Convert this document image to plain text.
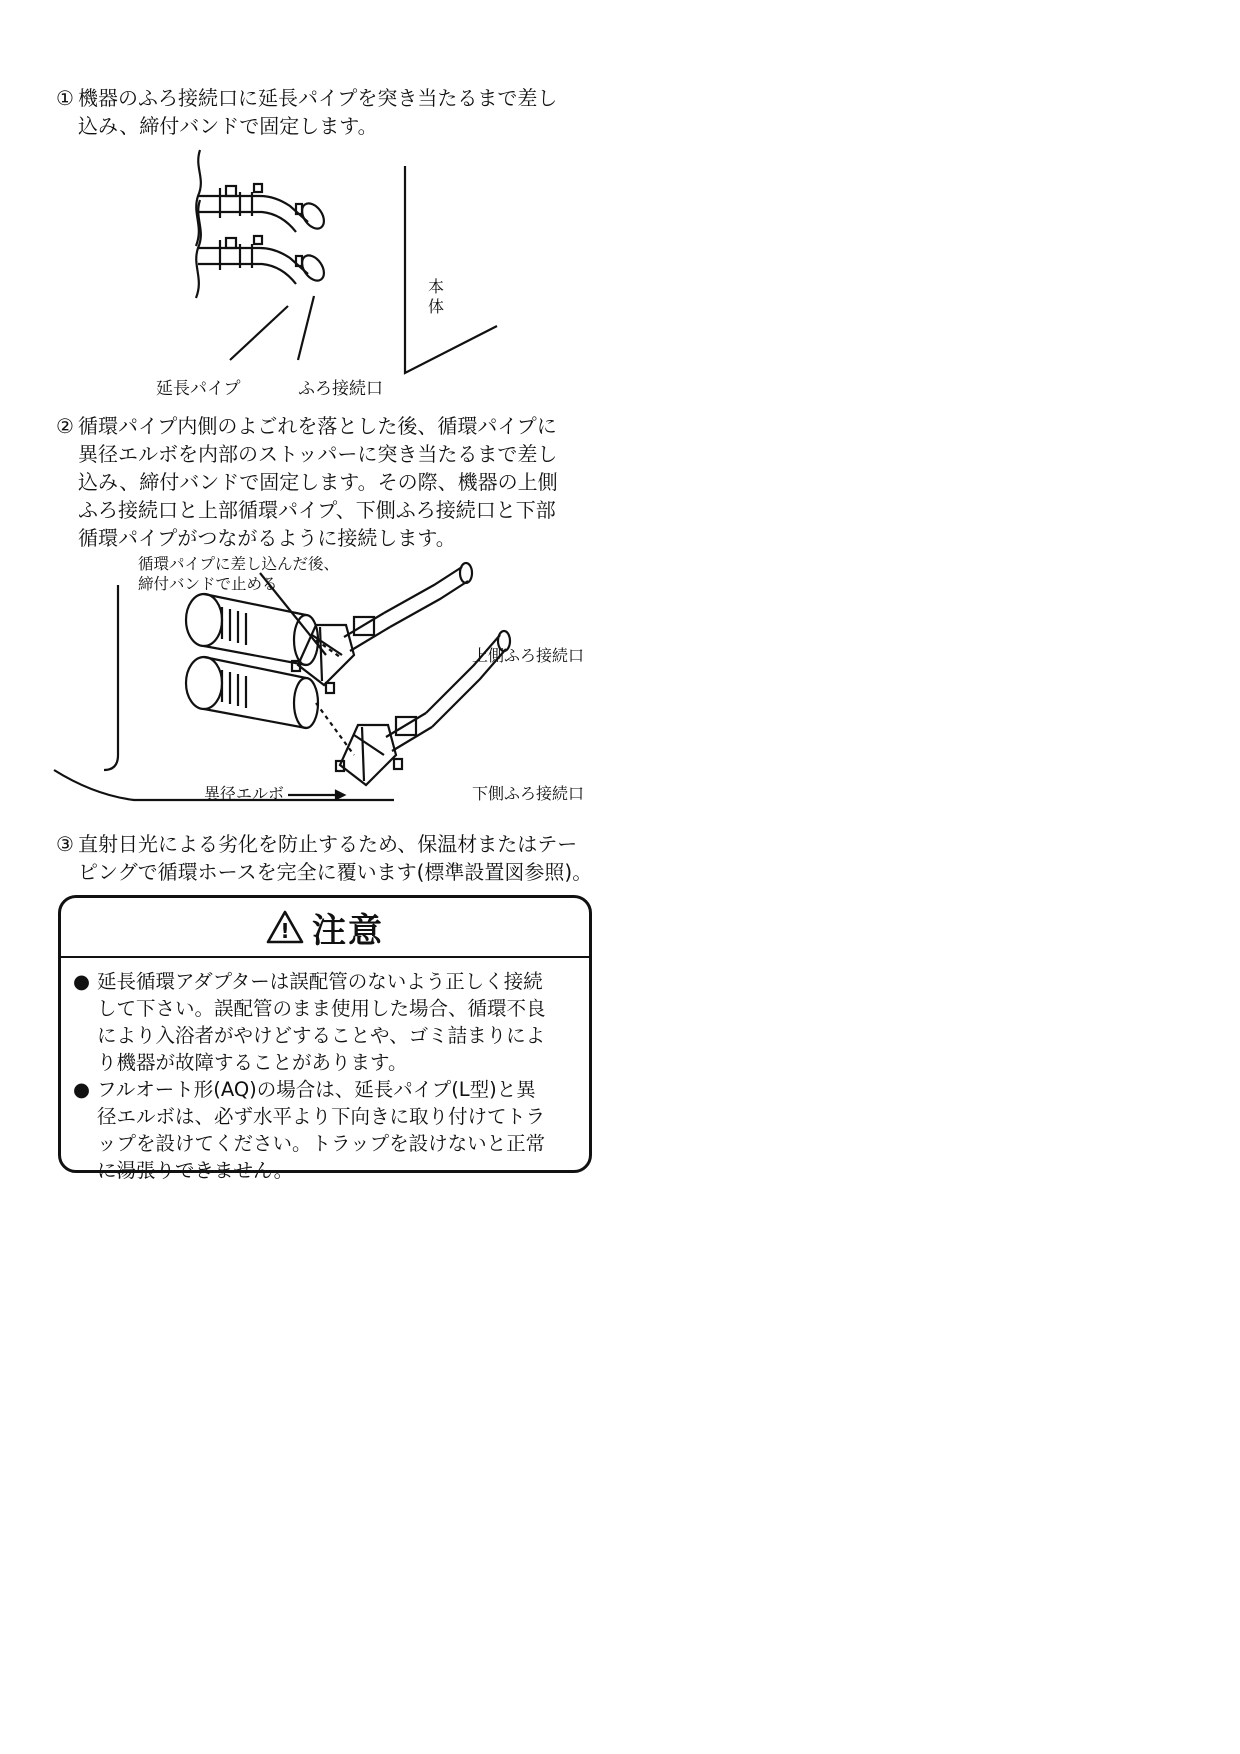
① 機器のふろ接続口に延長パイプを突き当たるまで差し
込み、締付バンドで固定します。
延長パイプ	ふろ接続口
本
体
② 循環パイプ内側のよごれを落とした後、循環パイプに
異径エルボを内部のストッパーに突き当たるまで差し
込み、締付バンドで固定します。その際、機器の上側
ふろ接続口と上部循環パイプ、下側ふろ接続口と下部
循環パイプがつながるように接続します。
循環パイプに差し込んだ後、
締付バンドで止める
上側ふろ接続口
下側ふろ接続口
異径エルボ
③ 直射日光による劣化を防止するため、保温材またはテー
ピングで循環ホースを完全に覆います(標準設置図参照)。
! 注意
● 延長循環アダプターは誤配管のないよう正しく接続
して下さい。誤配管のまま使用した場合、循環不良
により入浴者がやけどすることや、ゴミ詰まりによ
り機器が故障することがあります。
● フルオート形(AQ)の場合は、延長パイプ(L型)と異
径エルボは、必ず水平より下向きに取り付けてトラ
ップを設けてください。トラップを設けないと正常
に湯張りできません。
